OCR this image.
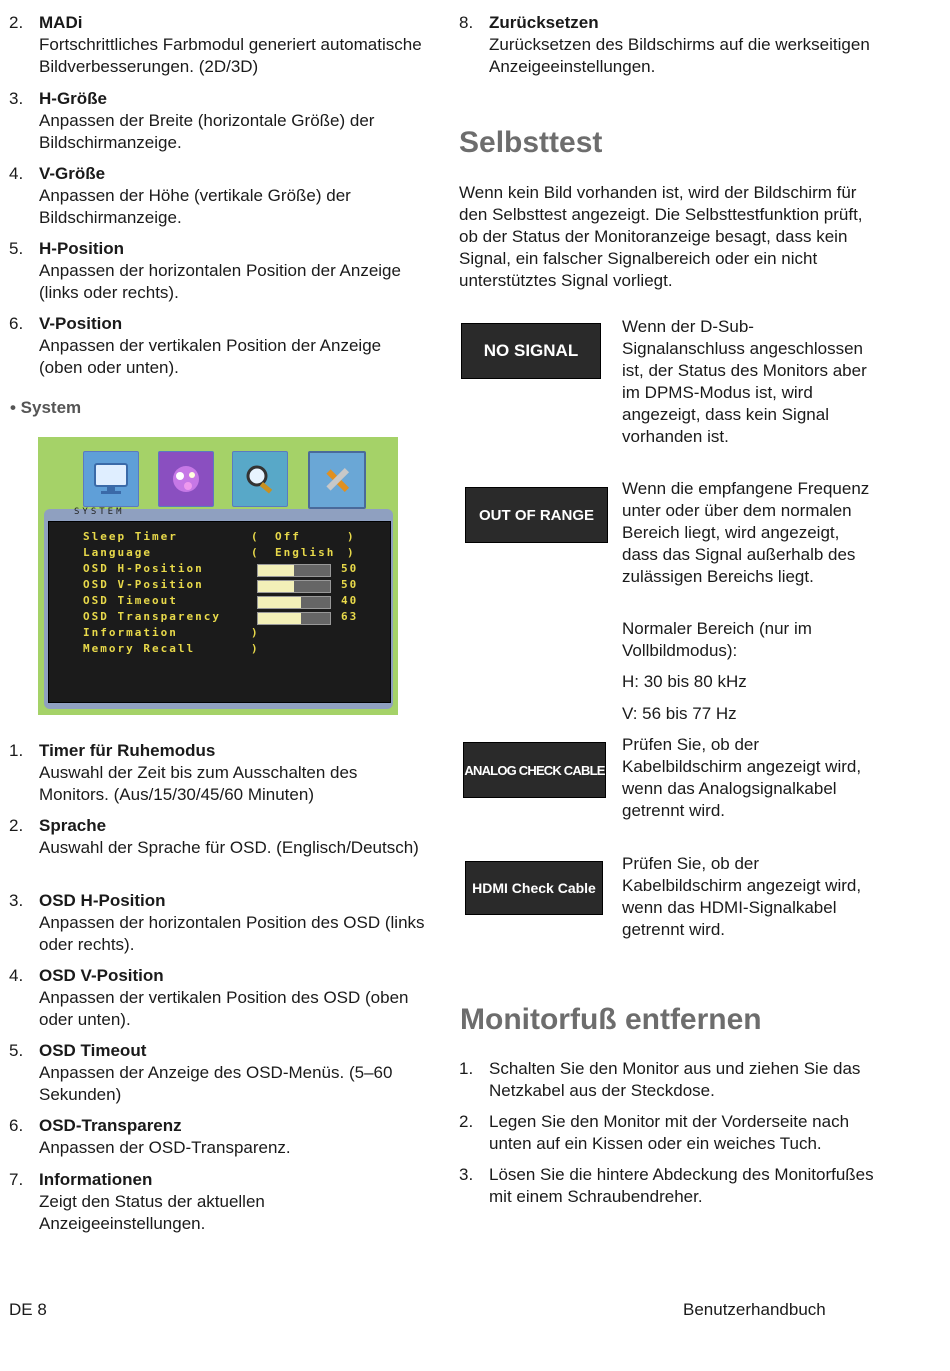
2. MADi
Fortschrittliches Farbmodul generiert automatische Bildverbesserungen. (2D/3D)
3. H-Größe
Anpassen der Breite (horizontale Größe) der Bildschirmanzeige.
4. V-Größe
Anpassen der Höhe (vertikale Größe) der Bildschirmanzeige.
5. H-Position
Anpassen der horizontalen Position der Anzeige (links oder rechts).
6. V-Position
Anpassen der vertikalen Position der Anzeige (oben oder unten).
• System
SYSTEM
Sleep Timer	( Off	)
Language	( English )
OSD H-Position	50
OSD V-Position	50
OSD Timeout	40
OSD Transparency	63
Information	)
Memory Recall	)
1. Timer für Ruhemodus
Auswahl der Zeit bis zum Ausschalten des Monitors. (Aus/15/30/45/60 Minuten)
2. Sprache
Auswahl der Sprache für OSD. (Englisch/Deutsch)
3. OSD H-Position
Anpassen der horizontalen Position des OSD (links oder rechts).
4. OSD V-Position
Anpassen der vertikalen Position des OSD (oben oder unten).
5. OSD Timeout
Anpassen der Anzeige des OSD-Menüs. (5–60 Sekunden)
6. OSD-Transparenz
Anpassen der OSD-Transparenz.
7. Informationen
Zeigt den Status der aktuellen Anzeigeeinstellungen.
8. Zurücksetzen
Zurücksetzen des Bildschirms auf die werkseitigen Anzeigeeinstellungen.
Selbsttest

Wenn kein Bild vorhanden ist, wird der Bildschirm für den Selbsttest angezeigt. Die Selbsttestfunktion prüft, ob der Status der Monitoranzeige besagt, dass kein Signal, ein falscher Signalbereich oder ein nicht unterstütztes Signal vorliegt.

NO SIGNAL

Wenn der D-Sub-Signalanschluss angeschlossen ist, der Status des Monitors aber im DPMS-Modus ist, wird angezeigt, dass kein Signal vorhanden ist.

OUT OF RANGE

Wenn die empfangene Frequenz unter oder über dem normalen Bereich liegt, wird angezeigt, dass das Signal außerhalb des zulässigen Bereichs liegt.

Normaler Bereich (nur im Vollbildmodus):

H: 30 bis 80 kHz

V: 56 bis 77 Hz

ANALOG CHECK CABLE

Prüfen Sie, ob der Kabelbildschirm angezeigt wird, wenn das Analogsignalkabel getrennt wird.

HDMI Check Cable

Prüfen Sie, ob der Kabelbildschirm angezeigt wird, wenn das HDMI-Signalkabel getrennt wird.

Monitorfuß entfernen
1. Schalten Sie den Monitor aus und ziehen Sie das Netzkabel aus der Steckdose.
2. Legen Sie den Monitor mit der Vorderseite nach unten auf ein Kissen oder ein weiches Tuch.
3. Lösen Sie die hintere Abdeckung des Monitorfußes mit einem Schraubendreher.
DE 8	Benutzerhandbuch
